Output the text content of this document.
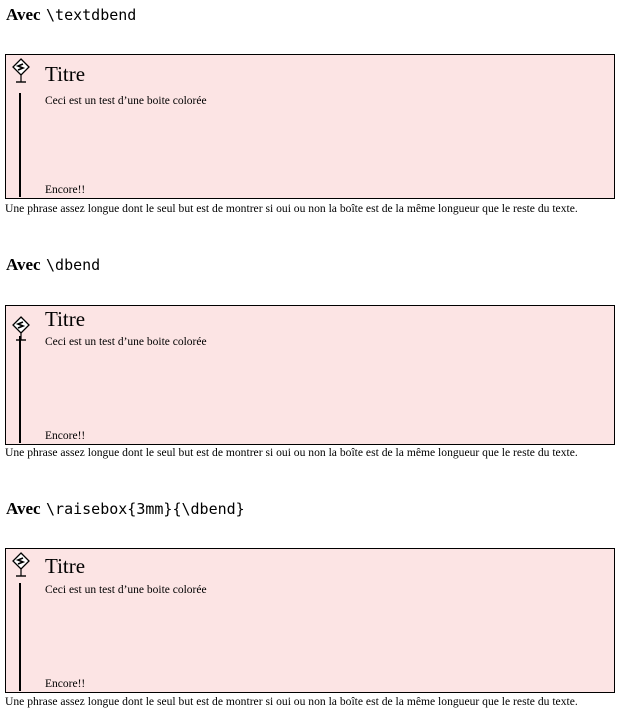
Avec \textdbend
Titre
Ceci est un test d’une boite colorée
Encore!!
Une phrase assez longue dont le seul but est de montrer si oui ou non la boîte est de la même longueur que le reste du texte.
Avec \dbend
Titre
Ceci est un test d’une boite colorée
Encore!!
Une phrase assez longue dont le seul but est de montrer si oui ou non la boîte est de la même longueur que le reste du texte.
Avec \raisebox{3mm}{\dbend}
Titre
Ceci est un test d’une boite colorée
Encore!!
Une phrase assez longue dont le seul but est de montrer si oui ou non la boîte est de la même longueur que le reste du texte.
